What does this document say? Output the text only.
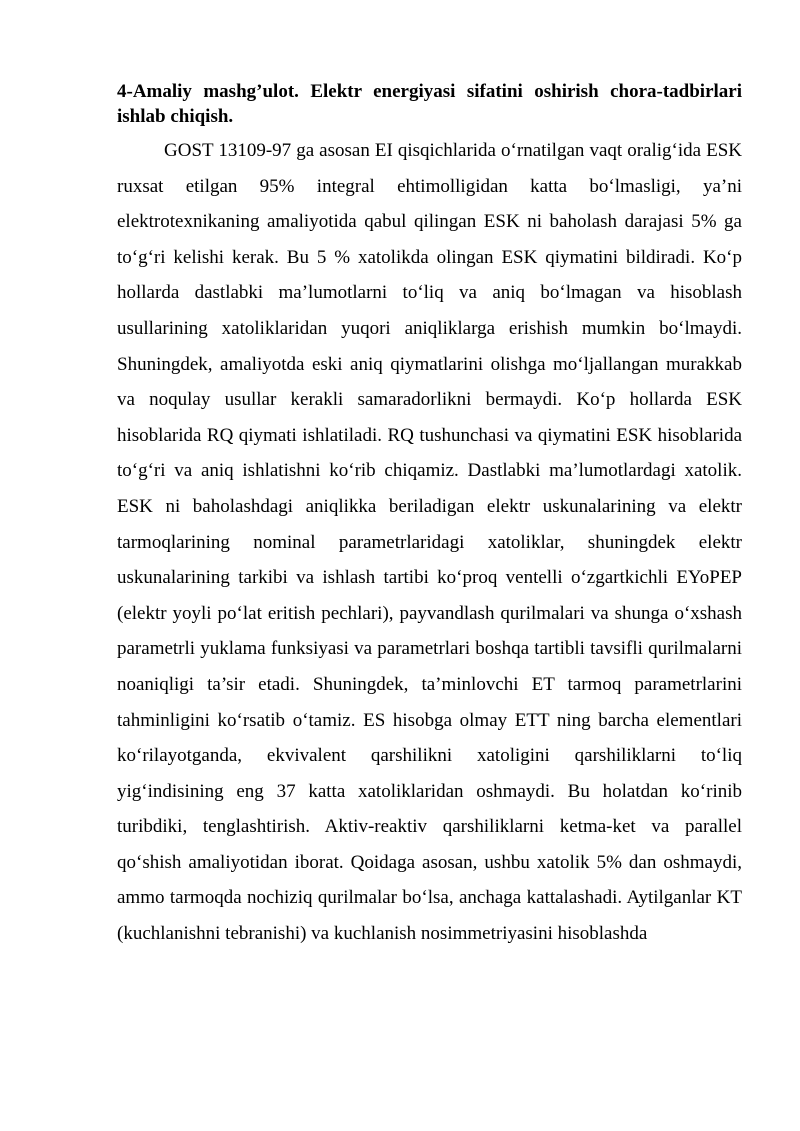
4-Amaliy mashg’ulot. Elektr energiyasi sifatini oshirish chora-tadbirlari ishlab chiqish.

GOST 13109-97 ga asosan EI qisqichlarida o‘rnatilgan vaqt oralig‘ida ESK ruxsat etilgan 95% integral ehtimolligidan katta bo‘lmasligi, ya’ni elektrotexnikaning amaliyotida qabul qilingan ESK ni baholash darajasi 5% ga to‘g‘ri kelishi kerak. Bu 5 % xatolikda olingan ESK qiymatini bildiradi. Ko‘p hollarda dastlabki ma’lumotlarni to‘liq va aniq bo‘lmagan va hisoblash usullarining xatoliklaridan yuqori aniqliklarga erishish mumkin bo‘lmaydi. Shuningdek, amaliyotda eski aniq qiymatlarini olishga mo‘ljallangan murakkab va noqulay usullar kerakli samaradorlikni bermaydi. Ko‘p hollarda ESK hisoblarida RQ qiymati ishlatiladi. RQ tushunchasi va qiymatini ESK hisoblarida to‘g‘ri va aniq ishlatishni ko‘rib chiqamiz. Dastlabki ma’lumotlardagi xatolik. ESK ni baholashdagi aniqlikka beriladigan elektr uskunalarining va elektr tarmoqlarining nominal parametrlaridagi xatoliklar, shuningdek elektr uskunalarining tarkibi va ishlash tartibi ko‘proq ventelli o‘zgartkichli EYoPEP (elektr yoyli po‘lat eritish pechlari), payvandlash qurilmalari va shunga o‘xshash parametrli yuklama funksiyasi va parametrlari boshqa tartibli tavsifli qurilmalarni noaniqligi ta’sir etadi. Shuningdek, ta’minlovchi ET tarmoq parametrlarini tahminligini ko‘rsatib o‘tamiz. ES hisobga olmay ETT ning barcha elementlari ko‘rilayotganda, ekvivalent qarshilikni xatoligini qarshiliklarni to‘liq yig‘indisining eng 37 katta xatoliklaridan oshmaydi. Bu holatdan ko‘rinib turibdiki, tenglashtirish. Aktiv-reaktiv qarshiliklarni ketma-ket va parallel qo‘shish amaliyotidan iborat. Qoidaga asosan, ushbu xatolik 5% dan oshmaydi, ammo tarmoqda nochiziq qurilmalar bo‘lsa, anchaga kattalashadi. Aytilganlar KT (kuchlanishni tebranishi) va kuchlanish nosimmetriyasini hisoblashda
